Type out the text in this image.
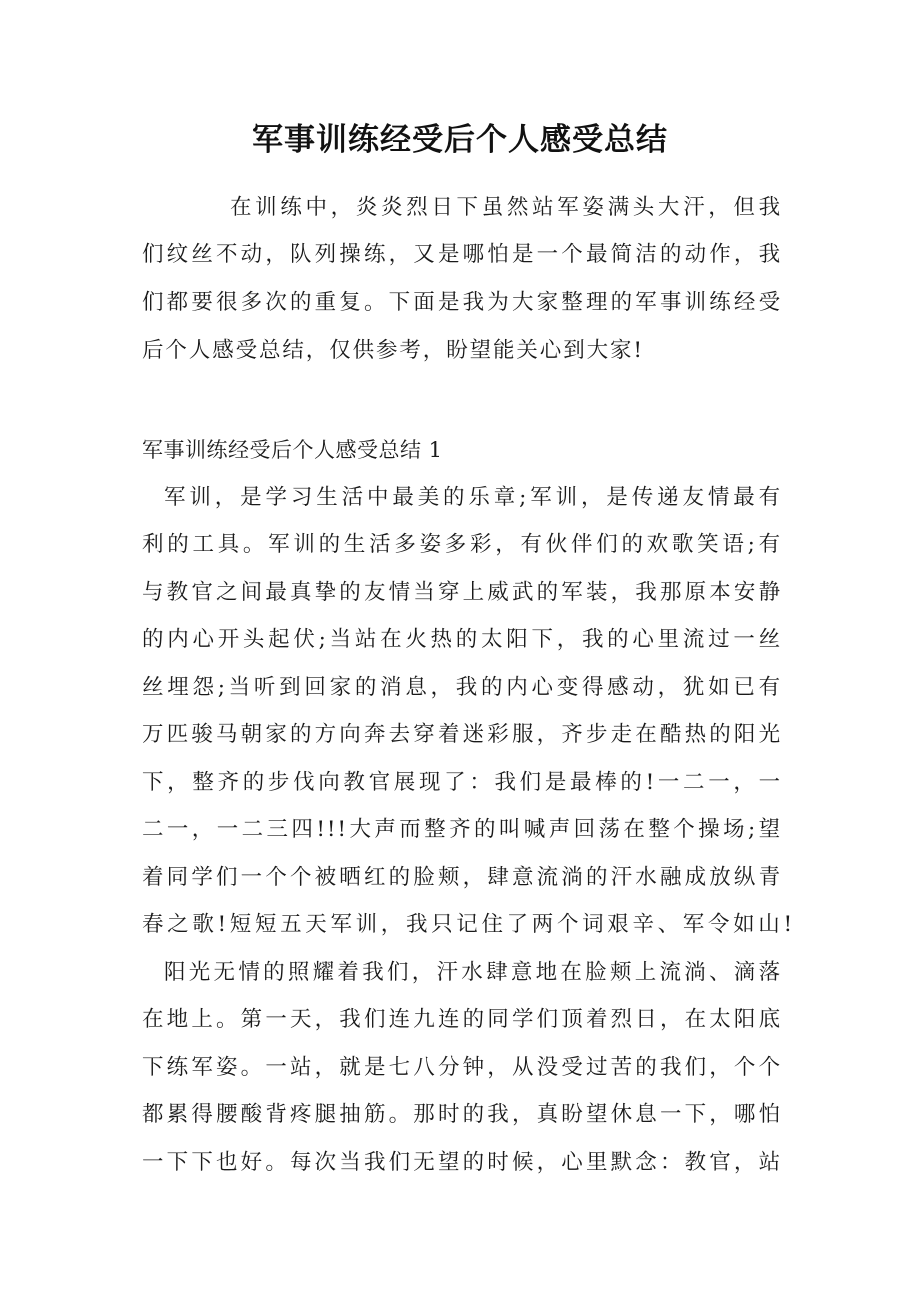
军事训练经受后个人感受总结
在训练中，炎炎烈日下虽然站军姿满头大汗，但我
们纹丝不动，队列操练，又是哪怕是一个最简洁的动作，我
们都要很多次的重复。下面是我为大家整理的军事训练经受
后个人感受总结，仅供参考，盼望能关心到大家!
军事训练经受后个人感受总结 1
军训，是学习生活中最美的乐章;军训，是传递友情最有
利的工具。军训的生活多姿多彩，有伙伴们的欢歌笑语;有
与教官之间最真挚的友情当穿上威武的军装，我那原本安静
的内心开头起伏;当站在火热的太阳下，我的心里流过一丝
丝埋怨;当听到回家的消息，我的内心变得感动，犹如已有
万匹骏马朝家的方向奔去穿着迷彩服，齐步走在酷热的阳光
下，整齐的步伐向教官展现了：我们是最棒的!一二一，一
二一，一二三四!!!大声而整齐的叫喊声回荡在整个操场;望
着同学们一个个被晒红的脸颊，肆意流淌的汗水融成放纵青
春之歌!短短五天军训，我只记住了两个词艰辛、军令如山!
阳光无情的照耀着我们，汗水肆意地在脸颊上流淌、滴落
在地上。第一天，我们连九连的同学们顶着烈日，在太阳底
下练军姿。一站，就是七八分钟，从没受过苦的我们，个个
都累得腰酸背疼腿抽筋。那时的我，真盼望休息一下，哪怕
一下下也好。每次当我们无望的时候，心里默念：教官，站
